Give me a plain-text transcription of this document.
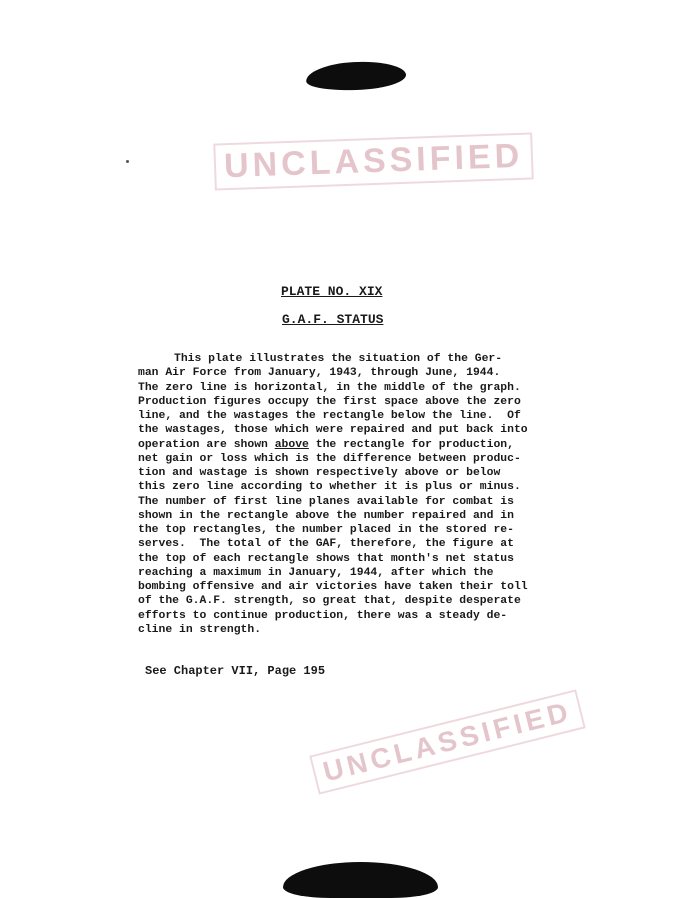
UNCLASSIFIED
PLATE NO. XIX
G.A.F. STATUS
This plate illustrates the situation of the Ger-
man Air Force from January, 1943, through June, 1944.
The zero line is horizontal, in the middle of the graph.
Production figures occupy the first space above the zero
line, and the wastages the rectangle below the line.  Of
the wastages, those which were repaired and put back into
operation are shown above the rectangle for production,
net gain or loss which is the difference between produc-
tion and wastage is shown respectively above or below
this zero line according to whether it is plus or minus.
The number of first line planes available for combat is
shown in the rectangle above the number repaired and in
the top rectangles, the number placed in the stored re-
serves.  The total of the GAF, therefore, the figure at
the top of each rectangle shows that month's net status
reaching a maximum in January, 1944, after which the
bombing offensive and air victories have taken their toll
of the G.A.F. strength, so great that, despite desperate
efforts to continue production, there was a steady de-
cline in strength.

See Chapter VII, Page 195

UNCLASSIFIED
